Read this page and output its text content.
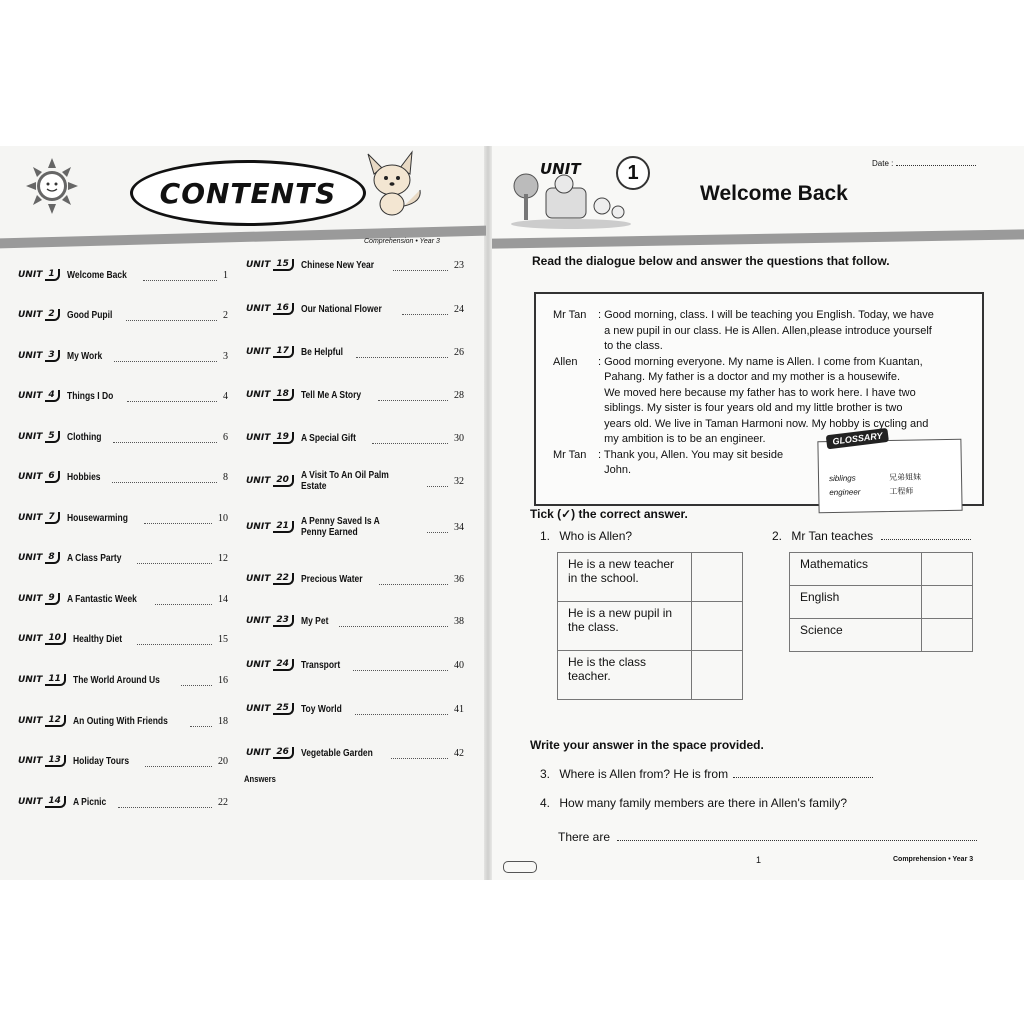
CONTENTS
Comprehension • Year 3
UNIT 1	Welcome Back	1
UNIT 2	Good Pupil	2
UNIT 3	My Work	3
UNIT 4	Things I Do	4
UNIT 5	Clothing	6
UNIT 6	Hobbies	8
UNIT 7	Housewarming	10
UNIT 8	A Class Party	12
UNIT 9	A Fantastic Week	14
UNIT 10	Healthy Diet	15
UNIT 11	The World Around Us	16
UNIT 12	An Outing With Friends	18
UNIT 13	Holiday Tours	20
UNIT 14	A Picnic	22
UNIT 15	Chinese New Year	23
UNIT 16	Our National Flower	24
UNIT 17	Be Helpful	26
UNIT 18	Tell Me A Story	28
UNIT 19	A Special Gift	30
UNIT 20	A Visit To An Oil Palm Estate	32
UNIT 21	A Penny Saved Is A Penny Earned	34
UNIT 22	Precious Water	36
UNIT 23	My Pet	38
UNIT 24	Transport	40
UNIT 25	Toy World	41
UNIT 26	Vegetable Garden	42
Answers
UNIT 1	Date :
Welcome Back
Read the dialogue below and answer the questions that follow.
Mr Tan : Good morning, class. I will be teaching you English. Today, we have
a new pupil in our class. He is Allen. Allen,please introduce yourself
to the class.
Allen : Good morning everyone. My name is Allen. I come from Kuantan,
Pahang. My father is a doctor and my mother is a housewife.
We moved here because my father has to work here. I have two
siblings. My sister is four years old and my little brother is two
years old. We live in Taman Harmoni now. My hobby is cycling and
my ambition is to be an engineer.
Mr Tan : Thank you, Allen. You may sit beside
John.
GLOSSARY
siblings	兄弟姐妹
engineer	工程师
Tick (✓) the correct answer.
1. Who is Allen?
He is a new teacher in the school.	
He is a new pupil in the class.	
He is the class teacher.	
2. Mr Tan teaches
Mathematics	
English	
Science	
Write your answer in the space provided.
3. Where is Allen from? He is from
4. How many family members are there in Allen's family?
There are
1	Comprehension • Year 3
